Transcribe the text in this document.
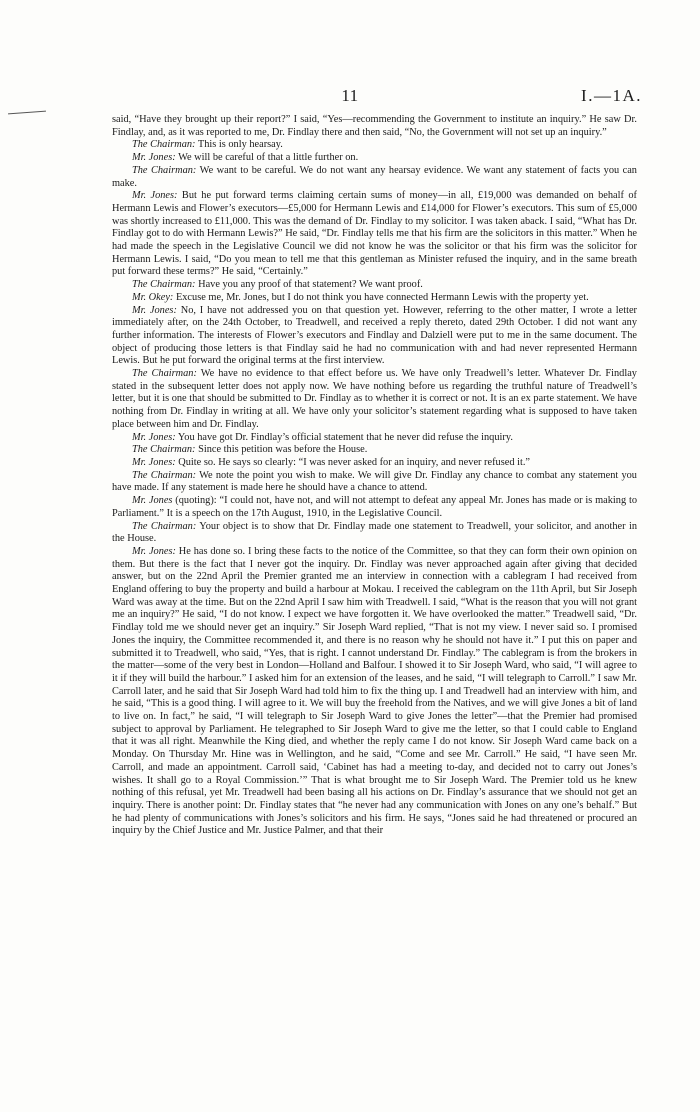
11	I.—1A.

said, “Have they brought up their report?” I said, “Yes—recommending the Government to institute an inquiry.” He saw Dr. Findlay, and, as it was reported to me, Dr. Findlay there and then said, “No, the Government will not set up an inquiry.”

The Chairman: This is only hearsay.

Mr. Jones: We will be careful of that a little further on.

The Chairman: We want to be careful. We do not want any hearsay evidence. We want any statement of facts you can make.

Mr. Jones: But he put forward terms claiming certain sums of money—in all, £19,000 was demanded on behalf of Hermann Lewis and Flower’s executors—£5,000 for Hermann Lewis and £14,000 for Flower’s executors. This sum of £5,000 was shortly increased to £11,000. This was the demand of Dr. Findlay to my solicitor. I was taken aback. I said, “What has Dr. Findlay got to do with Hermann Lewis?” He said, “Dr. Findlay tells me that his firm are the solicitors in this matter.” When he had made the speech in the Legislative Council we did not know he was the solicitor or that his firm was the solicitor for Hermann Lewis. I said, “Do you mean to tell me that this gentleman as Minister refused the inquiry, and in the same breath put forward these terms?” He said, “Certainly.”

The Chairman: Have you any proof of that statement? We want proof.

Mr. Okey: Excuse me, Mr. Jones, but I do not think you have connected Hermann Lewis with the property yet.

Mr. Jones: No, I have not addressed you on that question yet. However, referring to the other matter, I wrote a letter immediately after, on the 24th October, to Treadwell, and received a reply thereto, dated 29th October. I did not want any further information. The interests of Flower’s executors and Findlay and Dalziell were put to me in the same document. The object of producing those letters is that Findlay said he had no communication with and had never represented Hermann Lewis. But he put forward the original terms at the first interview.

The Chairman: We have no evidence to that effect before us. We have only Treadwell’s letter. Whatever Dr. Findlay stated in the subsequent letter does not apply now. We have nothing before us regarding the truthful nature of Treadwell’s letter, but it is one that should be submitted to Dr. Findlay as to whether it is correct or not. It is an ex parte statement. We have nothing from Dr. Findlay in writing at all. We have only your solicitor’s statement regarding what is supposed to have taken place between him and Dr. Findlay.

Mr. Jones: You have got Dr. Findlay’s official statement that he never did refuse the inquiry.

The Chairman: Since this petition was before the House.

Mr. Jones: Quite so. He says so clearly: “I was never asked for an inquiry, and never refused it.”

The Chairman: We note the point you wish to make. We will give Dr. Findlay any chance to combat any statement you have made. If any statement is made here he should have a chance to attend.

Mr. Jones (quoting): “I could not, have not, and will not attempt to defeat any appeal Mr. Jones has made or is making to Parliament.” It is a speech on the 17th August, 1910, in the Legislative Council.

The Chairman: Your object is to show that Dr. Findlay made one statement to Treadwell, your solicitor, and another in the House.

Mr. Jones: He has done so. I bring these facts to the notice of the Committee, so that they can form their own opinion on them. But there is the fact that I never got the inquiry. Dr. Findlay was never approached again after giving that decided answer, but on the 22nd April the Premier granted me an interview in connection with a cablegram I had received from England offering to buy the property and build a harbour at Mokau. I received the cablegram on the 11th April, but Sir Joseph Ward was away at the time. But on the 22nd April I saw him with Treadwell. I said, “What is the reason that you will not grant me an inquiry?” He said, “I do not know. I expect we have forgotten it. We have overlooked the matter.” Treadwell said, “Dr. Findlay told me we should never get an inquiry.” Sir Joseph Ward replied, “That is not my view. I never said so. I promised Jones the inquiry, the Committee recommended it, and there is no reason why he should not have it.” I put this on paper and submitted it to Treadwell, who said, “Yes, that is right. I cannot understand Dr. Findlay.” The cablegram is from the brokers in the matter—some of the very best in London—Holland and Balfour. I showed it to Sir Joseph Ward, who said, “I will agree to it if they will build the harbour.” I asked him for an extension of the leases, and he said, “I will telegraph to Carroll.” I saw Mr. Carroll later, and he said that Sir Joseph Ward had told him to fix the thing up. I and Treadwell had an interview with him, and he said, “This is a good thing. I will agree to it. We will buy the freehold from the Natives, and we will give Jones a bit of land to live on. In fact,” he said, “I will telegraph to Sir Joseph Ward to give Jones the letter”—that the Premier had promised subject to approval by Parliament. He telegraphed to Sir Joseph Ward to give me the letter, so that I could cable to England that it was all right. Meanwhile the King died, and whether the reply came I do not know. Sir Joseph Ward came back on a Monday. On Thursday Mr. Hine was in Wellington, and he said, “Come and see Mr. Carroll.” He said, “I have seen Mr. Carroll, and made an appointment. Carroll said, ‘Cabinet has had a meeting to-day, and decided not to carry out Jones’s wishes. It shall go to a Royal Commission.’” That is what brought me to Sir Joseph Ward. The Premier told us he knew nothing of this refusal, yet Mr. Treadwell had been basing all his actions on Dr. Findlay’s assurance that we should not get an inquiry. There is another point: Dr. Findlay states that “he never had any communication with Jones on any one’s behalf.” But he had plenty of communications with Jones’s solicitors and his firm. He says, “Jones said he had threatened or procured an inquiry by the Chief Justice and Mr. Justice Palmer, and that their
